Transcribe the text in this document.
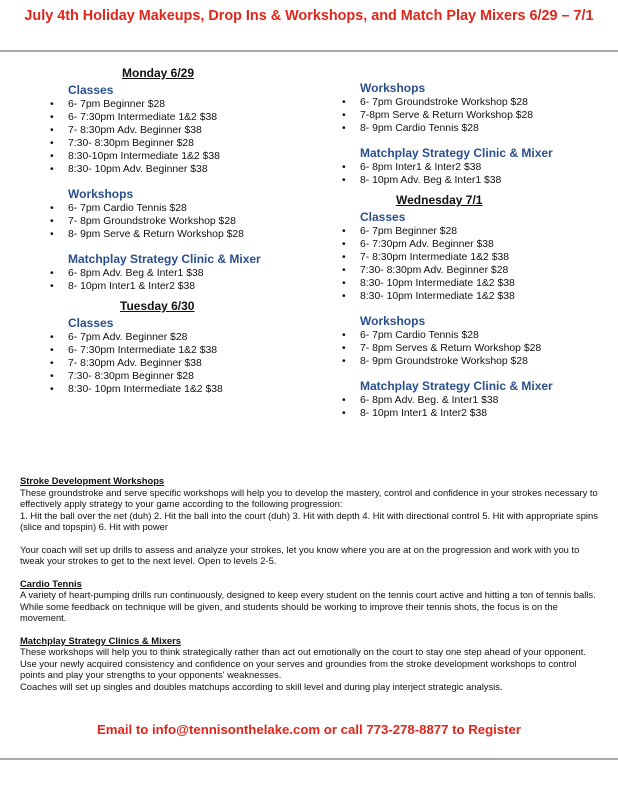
July 4th Holiday Makeups, Drop Ins & Workshops, and Match Play Mixers 6/29 – 7/1
Monday 6/29
Classes
• 6- 7pm Beginner $28
• 6- 7:30pm Intermediate 1&2 $38
• 7- 8:30pm Adv. Beginner $38
• 7:30- 8:30pm Beginner $28
• 8:30-10pm Intermediate 1&2 $38
• 8:30- 10pm Adv. Beginner $38
Workshops
• 6- 7pm Cardio Tennis $28
• 7- 8pm Groundstroke Workshop $28
• 8- 9pm Serve & Return Workshop $28
Matchplay Strategy Clinic & Mixer
• 6- 8pm Adv. Beg & Inter1 $38
• 8- 10pm Inter1 & Inter2 $38
Tuesday 6/30
Classes
• 6- 7pm Adv. Beginner $28
• 6- 7:30pm Intermediate 1&2 $38
• 7- 8:30pm Adv. Beginner $38
• 7:30- 8:30pm Beginner $28
• 8:30- 10pm Intermediate 1&2 $38
Workshops
• 6- 7pm Groundstroke Workshop $28
• 7-8pm Serve & Return Workshop $28
• 8- 9pm Cardio Tennis $28
Matchplay Strategy Clinic & Mixer
• 6- 8pm Inter1 & Inter2 $38
• 8- 10pm Adv. Beg & Inter1 $38
Wednesday 7/1
Classes
• 6- 7pm Beginner $28
• 6- 7:30pm Adv. Beginner $38
• 7- 8:30pm Intermediate 1&2 $38
• 7:30- 8:30pm Adv. Beginner $28
• 8:30- 10pm Intermediate 1&2 $38
• 8:30- 10pm Intermediate 1&2 $38
Workshops
• 6- 7pm Cardio Tennis $28
• 7- 8pm Serves & Return Workshop $28
• 8- 9pm Groundstroke Workshop $28
Matchplay Strategy Clinic & Mixer
• 6- 8pm Adv. Beg. & Inter1 $38
• 8- 10pm Inter1 & Inter2 $38

Stroke Development Workshops

These groundstroke and serve specific workshops will help you to develop the mastery, control and confidence in your strokes necessary to effectively apply strategy to your game according to the following progression:

1. Hit the ball over the net (duh) 2. Hit the ball into the court (duh) 3. Hit with depth 4. Hit with directional control 5. Hit with appropriate spins (slice and topspin) 6. Hit with power

Your coach will set up drills to assess and analyze your strokes, let you know where you are at on the progression and work with you to tweak your strokes to get to the next level. Open to levels 2-5.

Cardio Tennis

A variety of heart-pumping drills run continuously, designed to keep every student on the tennis court active and hitting a ton of tennis balls. While some feedback on technique will be given, and students should be working to improve their tennis shots, the focus is on the movement.

Matchplay Strategy Clinics & Mixers

These workshops will help you to think strategically rather than act out emotionally on the court to stay one step ahead of your opponent. Use your newly acquired consistency and confidence on your serves and groundies from the stroke development workshops to control points and play your strengths to your opponents' weaknesses.

Coaches will set up singles and doubles matchups according to skill level and during play interject strategic analysis.

Email to info@tennisonthelake.com or call 773-278-8877 to Register
